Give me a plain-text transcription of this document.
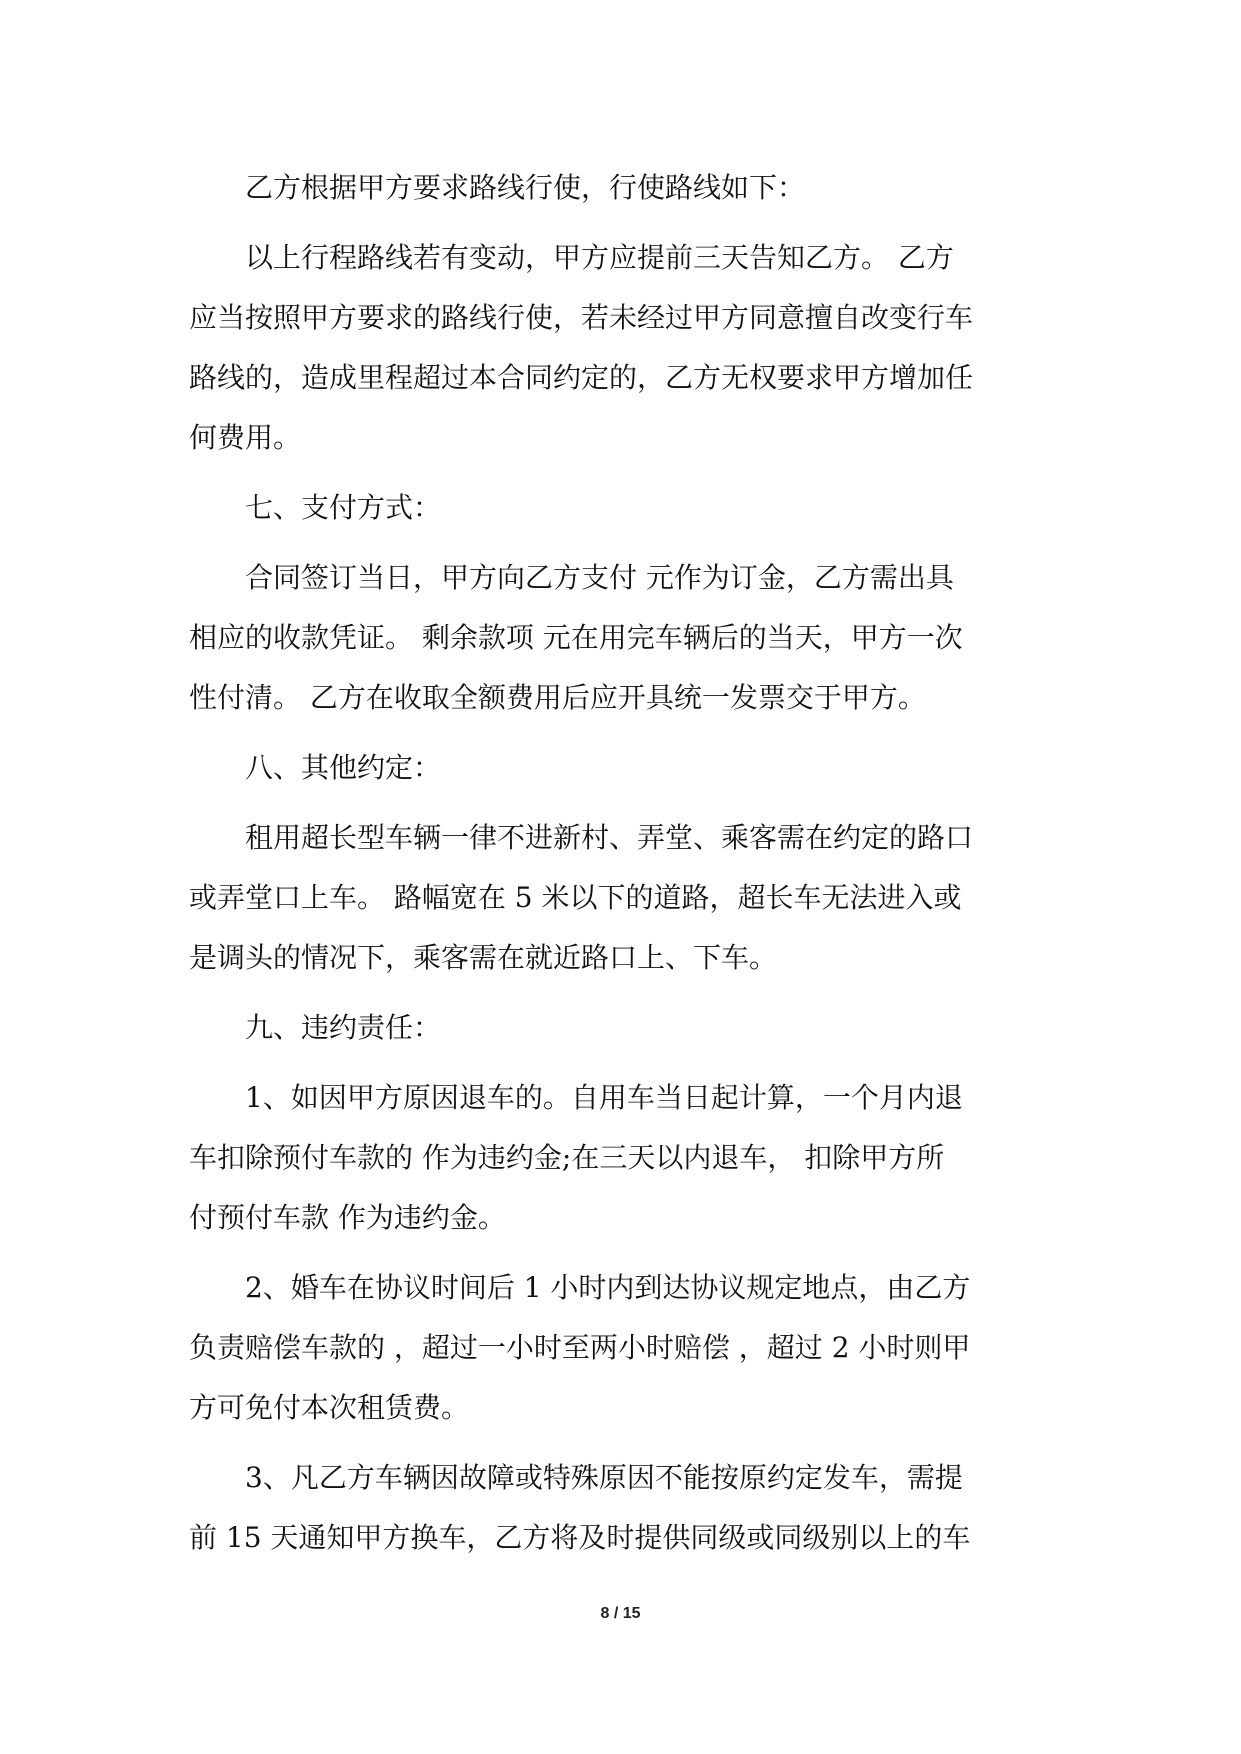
乙方根据甲方要求路线行使，行使路线如下：

以上行程路线若有变动，甲方应提前三天告知乙方。 乙方
应当按照甲方要求的路线行使，若未经过甲方同意擅自改变行车
路线的，造成里程超过本合同约定的，乙方无权要求甲方增加任
何费用。

七、支付方式：

合同签订当日，甲方向乙方支付 元作为订金，乙方需出具
相应的收款凭证。 剩余款项 元在用完车辆后的当天，甲方一次
性付清。 乙方在收取全额费用后应开具统一发票交于甲方。

八、其他约定：

租用超长型车辆一律不进新村、弄堂、乘客需在约定的路口
或弄堂口上车。 路幅宽在 5 米以下的道路，超长车无法进入或
是调头的情况下，乘客需在就近路口上、下车。

九、违约责任：

1、如因甲方原因退车的。自用车当日起计算，一个月内退
车扣除预付车款的 作为违约金;在三天以内退车， 扣除甲方所
付预付车款 作为违约金。

2、婚车在协议时间后 1 小时内到达协议规定地点，由乙方
负责赔偿车款的 ，超过一小时至两小时赔偿 ，超过 2 小时则甲
方可免付本次租赁费。

3、凡乙方车辆因故障或特殊原因不能按原约定发车，需提
前 15 天通知甲方换车，乙方将及时提供同级或同级别以上的车

8 / 15
